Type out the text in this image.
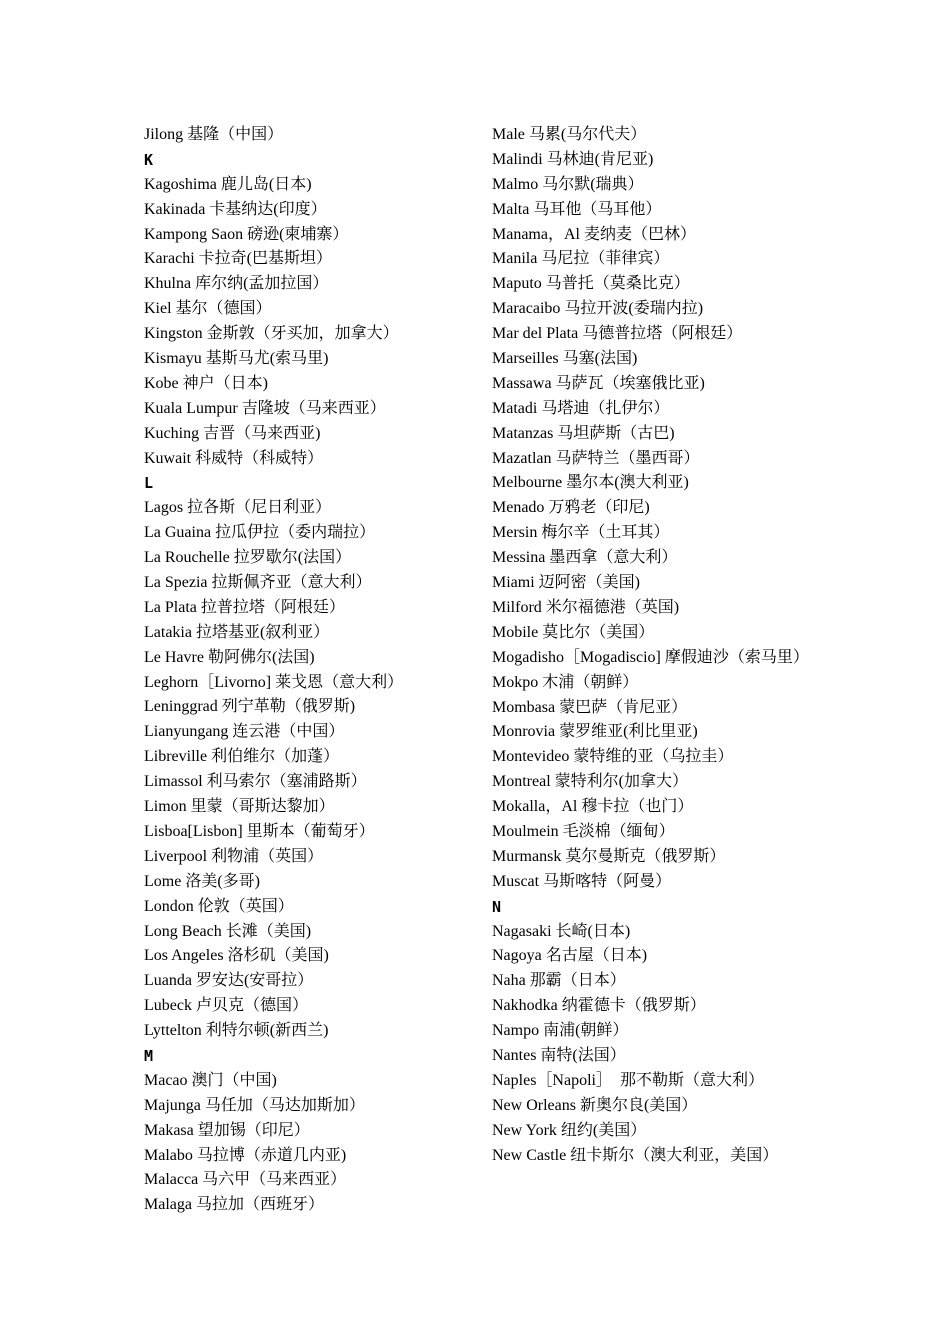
Jilong 基隆（中国）
K
Kagoshima 鹿儿岛(日本)
Kakinada 卡基纳达(印度）
Kampong Saon 磅逊(柬埔寨）
Karachi 卡拉奇(巴基斯坦）
Khulna 库尔纳(孟加拉国）
Kiel 基尔（德国）
Kingston 金斯敦（牙买加，加拿大）
Kismayu 基斯马尤(索马里)
Kobe 神户（日本)
Kuala Lumpur 吉隆坡（马来西亚）
Kuching 吉晋（马来西亚)
Kuwait 科威特（科威特）
L
Lagos 拉各斯（尼日利亚）
La Guaina 拉瓜伊拉（委内瑞拉）
La Rouchelle 拉罗歇尔(法国）
La Spezia 拉斯佩齐亚（意大利）
La Plata 拉普拉塔（阿根廷）
Latakia 拉塔基亚(叙利亚）
Le Havre 勒阿佛尔(法国)
Leghorn［Livorno] 莱戈恩（意大利）
Leninggrad 列宁革勒（俄罗斯)
Lianyungang 连云港（中国）
Libreville 利伯维尔（加蓬）
Limassol 利马索尔（塞浦路斯）
Limon 里蒙（哥斯达黎加）
Lisboa[Lisbon] 里斯本（葡萄牙）
Liverpool 利物浦（英国）
Lome 洛美(多哥)
London 伦敦（英国）
Long Beach 长滩（美国)
Los Angeles 洛杉矶（美国)
Luanda 罗安达(安哥拉）
Lubeck 卢贝克（德国）
Lyttelton 利特尔顿(新西兰)
M
Macao 澳门（中国)
Majunga 马任加（马达加斯加）
Makasa 望加锡（印尼）
Malabo 马拉博（赤道几内亚)
Malacca 马六甲（马来西亚）
Malaga 马拉加（西班牙）
Male 马累(马尔代夫）
Malindi 马林迪(肯尼亚)
Malmo 马尔默(瑞典）
Malta 马耳他（马耳他）
Manama，Al 麦纳麦（巴林）
Manila 马尼拉（菲律宾）
Maputo 马普托（莫桑比克）
Maracaibo 马拉开波(委瑞内拉)
Mar del Plata 马德普拉塔（阿根廷）
Marseilles 马塞(法国)
Massawa 马萨瓦（埃塞俄比亚)
Matadi 马塔迪（扎伊尔）
Matanzas 马坦萨斯（古巴)
Mazatlan 马萨特兰（墨西哥）
Melbourne 墨尔本(澳大利亚)
Menado 万鸦老（印尼)
Mersin 梅尔辛（土耳其）
Messina 墨西拿（意大利）
Miami 迈阿密（美国)
Milford 米尔福德港（英国)
Mobile 莫比尔（美国）
Mogadisho［Mogadiscio] 摩假迪沙（索马里）
Mokpo 木浦（朝鲜）
Mombasa 蒙巴萨（肯尼亚）
Monrovia 蒙罗维亚(利比里亚)
Montevideo 蒙特维的亚（乌拉圭）
Montreal 蒙特利尔(加拿大）
Mokalla，Al 穆卡拉（也门）
Moulmein 毛淡棉（缅甸）
Murmansk 莫尔曼斯克（俄罗斯）
Muscat 马斯喀特（阿曼）
N
Nagasaki 长崎(日本)
Nagoya 名古屋（日本)
Naha 那霸（日本）
Nakhodka 纳霍德卡（俄罗斯）
Nampo 南浦(朝鲜）
Nantes 南特(法国）
Naples［Napoli］　那不勒斯（意大利）
New Orleans 新奥尔良(美国）
New York 纽约(美国）
New Castle 纽卡斯尔（澳大利亚，美国）
